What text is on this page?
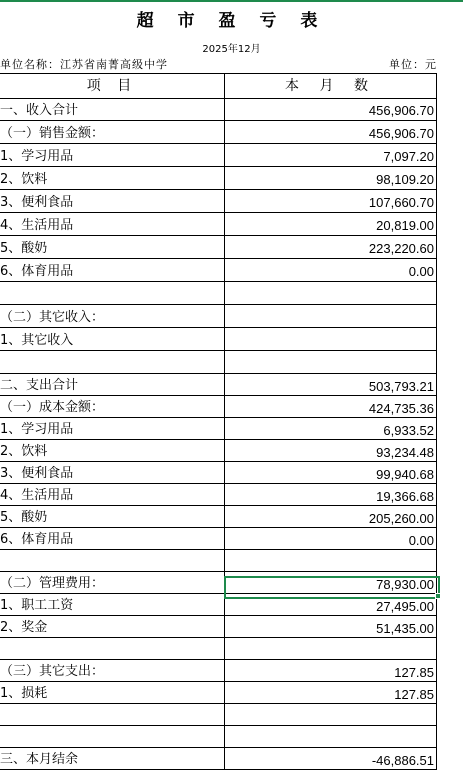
超 市 盈 亏 表
2025年12月
单位名称：江苏省南菁高级中学	单位：元
项 目	本 月 数
一、收入合计	456,906.70
（一）销售金额：	456,906.70
1、学习用品	7,097.20
2、饮料	98,109.20
3、便利食品	107,660.70
4、生活用品	20,819.00
5、酸奶	223,220.60
6、体育用品	0.00
（二）其它收入：
1、其它收入
二、支出合计	503,793.21
（一）成本金额：	424,735.36
1、学习用品	6,933.52
2、饮料	93,234.48
3、便利食品	99,940.68
4、生活用品	19,366.68
5、酸奶	205,260.00
6、体育用品	0.00
（二）管理费用：	78,930.00
1、职工工资	27,495.00
2、奖金	51,435.00
（三）其它支出：	127.85
1、损耗	127.85
三、本月结余	-46,886.51
